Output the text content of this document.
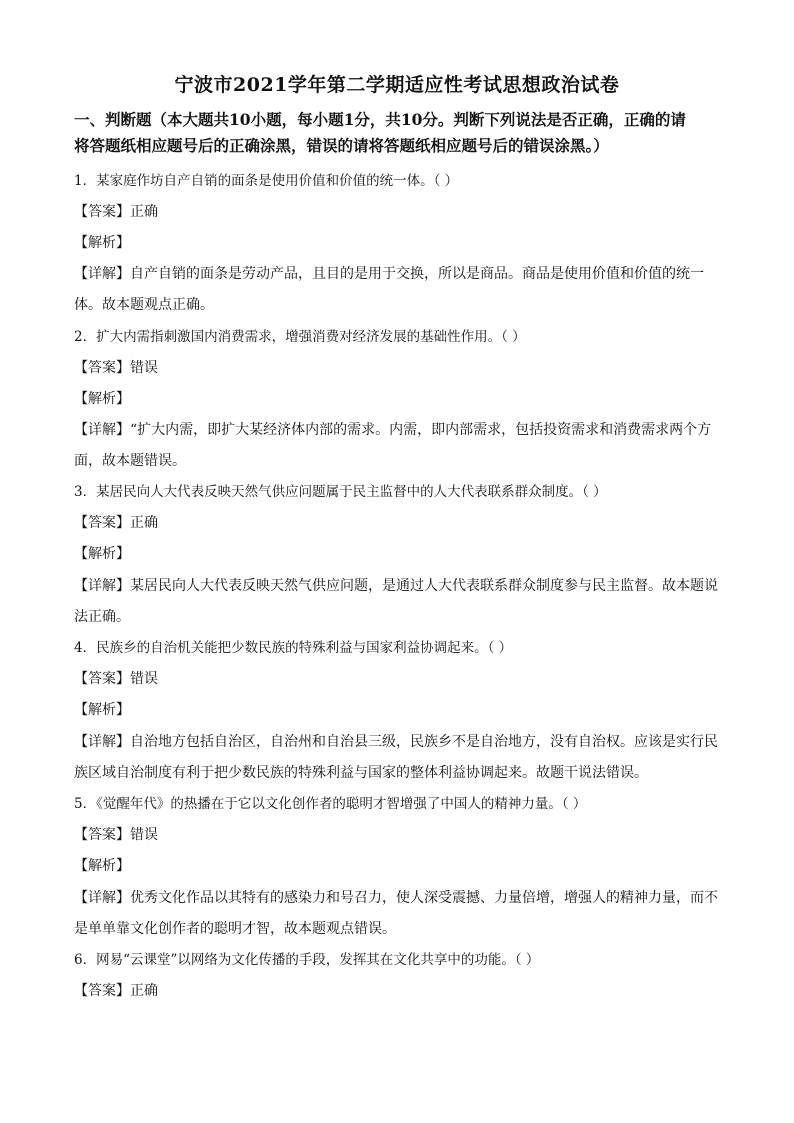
宁波市2021学年第二学期适应性考试思想政治试卷
一、判断题（本大题共10小题，每小题1分，共10分。判断下列说法是否正确，正确的请
将答题纸相应题号后的正确涂黑，错误的请将答题纸相应题号后的错误涂黑。）
1．某家庭作坊自产自销的面条是使用价值和价值的统一体。（ ）
【答案】正确
【解析】
【详解】自产自销的面条是劳动产品，且目的是用于交换，所以是商品。商品是使用价值和价值的统一
体。故本题观点正确。
2．扩大内需指刺激国内消费需求，增强消费对经济发展的基础性作用。（ ）
【答案】错误
【解析】
【详解】“扩大内需，即扩大某经济体内部的需求。内需，即内部需求，包括投资需求和消费需求两个方
面，故本题错误。
3．某居民向人大代表反映天然气供应问题属于民主监督中的人大代表联系群众制度。（ ）
【答案】正确
【解析】
【详解】某居民向人大代表反映天然气供应问题，是通过人大代表联系群众制度参与民主监督。故本题说
法正确。
4．民族乡的自治机关能把少数民族的特殊利益与国家利益协调起来。（ ）
【答案】错误
【解析】
【详解】自治地方包括自治区，自治州和自治县三级，民族乡不是自治地方，没有自治权。应该是实行民
族区域自治制度有利于把少数民族的特殊利益与国家的整体利益协调起来。故题干说法错误。
5．《觉醒年代》的热播在于它以文化创作者的聪明才智增强了中国人的精神力量。（ ）
【答案】错误
【解析】
【详解】优秀文化作品以其特有的感染力和号召力，使人深受震撼、力量倍增，增强人的精神力量，而不
是单单靠文化创作者的聪明才智，故本题观点错误。
6．网易“云课堂”以网络为文化传播的手段，发挥其在文化共享中的功能。（ ）
【答案】正确
